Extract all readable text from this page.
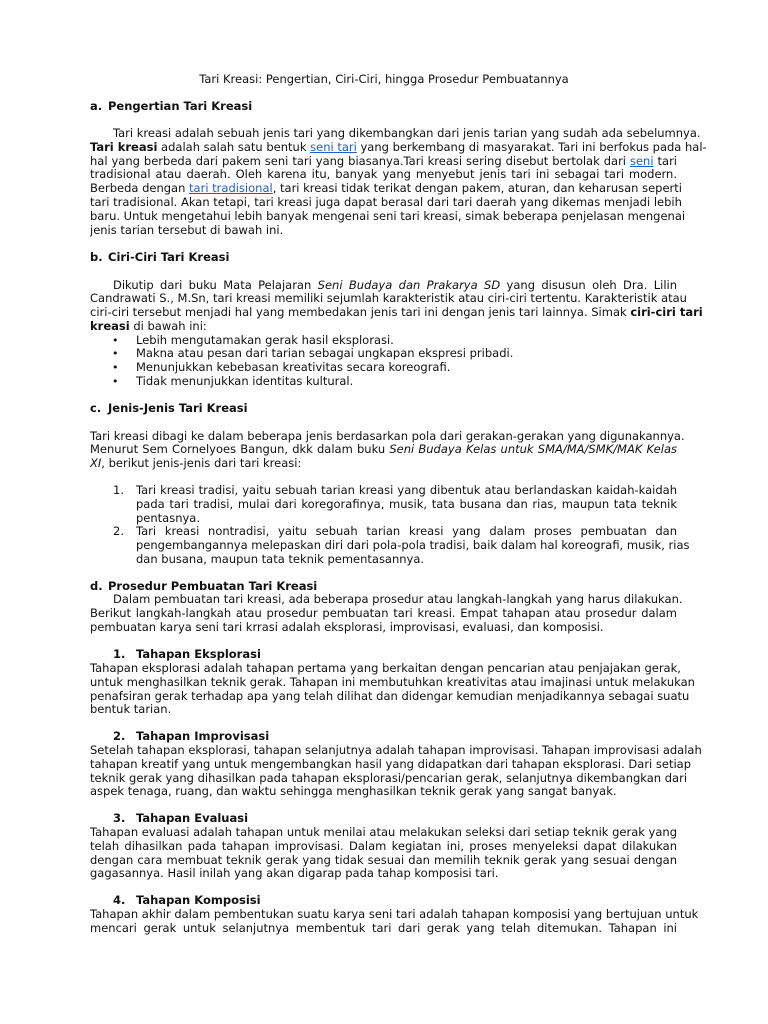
Tari Kreasi: Pengertian, Ciri-Ciri, hingga Prosedur Pembuatannya
a. Pengertian Tari Kreasi
Tari kreasi adalah sebuah jenis tari yang dikembangkan dari jenis tarian yang sudah ada sebelumnya.
Tari kreasi adalah salah satu bentuk seni tari yang berkembang di masyarakat. Tari ini berfokus pada hal-
hal yang berbeda dari pakem seni tari yang biasanya.Tari kreasi sering disebut bertolak dari seni tari
tradisional atau daerah. Oleh karena itu, banyak yang menyebut jenis tari ini sebagai tari modern.
Berbeda dengan tari tradisional, tari kreasi tidak terikat dengan pakem, aturan, dan keharusan seperti
tari tradisional. Akan tetapi, tari kreasi juga dapat berasal dari tari daerah yang dikemas menjadi lebih
baru. Untuk mengetahui lebih banyak mengenai seni tari kreasi, simak beberapa penjelasan mengenai
jenis tarian tersebut di bawah ini.
b. Ciri-Ciri Tari Kreasi
Dikutip dari buku Mata Pelajaran Seni Budaya dan Prakarya SD yang disusun oleh Dra. Lilin
Candrawati S., M.Sn, tari kreasi memiliki sejumlah karakteristik atau ciri-ciri tertentu. Karakteristik atau
ciri-ciri tersebut menjadi hal yang membedakan jenis tari ini dengan jenis tari lainnya. Simak ciri-ciri tari
kreasi di bawah ini:
• Lebih mengutamakan gerak hasil eksplorasi.
• Makna atau pesan dari tarian sebagai ungkapan ekspresi pribadi.
• Menunjukkan kebebasan kreativitas secara koreografi.
• Tidak menunjukkan identitas kultural.
c. Jenis-Jenis Tari Kreasi
Tari kreasi dibagi ke dalam beberapa jenis berdasarkan pola dari gerakan-gerakan yang digunakannya.
Menurut Sem Cornelyoes Bangun, dkk dalam buku Seni Budaya Kelas untuk SMA/MA/SMK/MAK Kelas
XI, berikut jenis-jenis dari tari kreasi:
1. Tari kreasi tradisi, yaitu sebuah tarian kreasi yang dibentuk atau berlandaskan kaidah-kaidah
pada tari tradisi, mulai dari koregorafinya, musik, tata busana dan rias, maupun tata teknik
pentasnya.
2. Tari kreasi nontradisi, yaitu sebuah tarian kreasi yang dalam proses pembuatan dan
pengembangannya melepaskan diri dari pola-pola tradisi, baik dalam hal koreografi, musik, rias
dan busana, maupun tata teknik pementasannya.
d. Prosedur Pembuatan Tari Kreasi
Dalam pembuatan tari kreasi, ada beberapa prosedur atau langkah-langkah yang harus dilakukan.
Berikut langkah-langkah atau prosedur pembuatan tari kreasi. Empat tahapan atau prosedur dalam
pembuatan karya seni tari krrasi adalah eksplorasi, improvisasi, evaluasi, dan komposisi.
1. Tahapan Eksplorasi
Tahapan eksplorasi adalah tahapan pertama yang berkaitan dengan pencarian atau penjajakan gerak,
untuk menghasilkan teknik gerak. Tahapan ini membutuhkan kreativitas atau imajinasi untuk melakukan
penafsiran gerak terhadap apa yang telah dilihat dan didengar kemudian menjadikannya sebagai suatu
bentuk tarian.
2. Tahapan Improvisasi
Setelah tahapan eksplorasi, tahapan selanjutnya adalah tahapan improvisasi. Tahapan improvisasi adalah
tahapan kreatif yang untuk mengembangkan hasil yang didapatkan dari tahapan eksplorasi. Dari setiap
teknik gerak yang dihasilkan pada tahapan eksplorasi/pencarian gerak, selanjutnya dikembangkan dari
aspek tenaga, ruang, dan waktu sehingga menghasilkan teknik gerak yang sangat banyak.
3. Tahapan Evaluasi
Tahapan evaluasi adalah tahapan untuk menilai atau melakukan seleksi dari setiap teknik gerak yang
telah dihasilkan pada tahapan improvisasi. Dalam kegiatan ini, proses menyeleksi dapat dilakukan
dengan cara membuat teknik gerak yang tidak sesuai dan memilih teknik gerak yang sesuai dengan
gagasannya. Hasil inilah yang akan digarap pada tahap komposisi tari.
4. Tahapan Komposisi
Tahapan akhir dalam pembentukan suatu karya seni tari adalah tahapan komposisi yang bertujuan untuk
mencari gerak untuk selanjutnya membentuk tari dari gerak yang telah ditemukan. Tahapan ini
